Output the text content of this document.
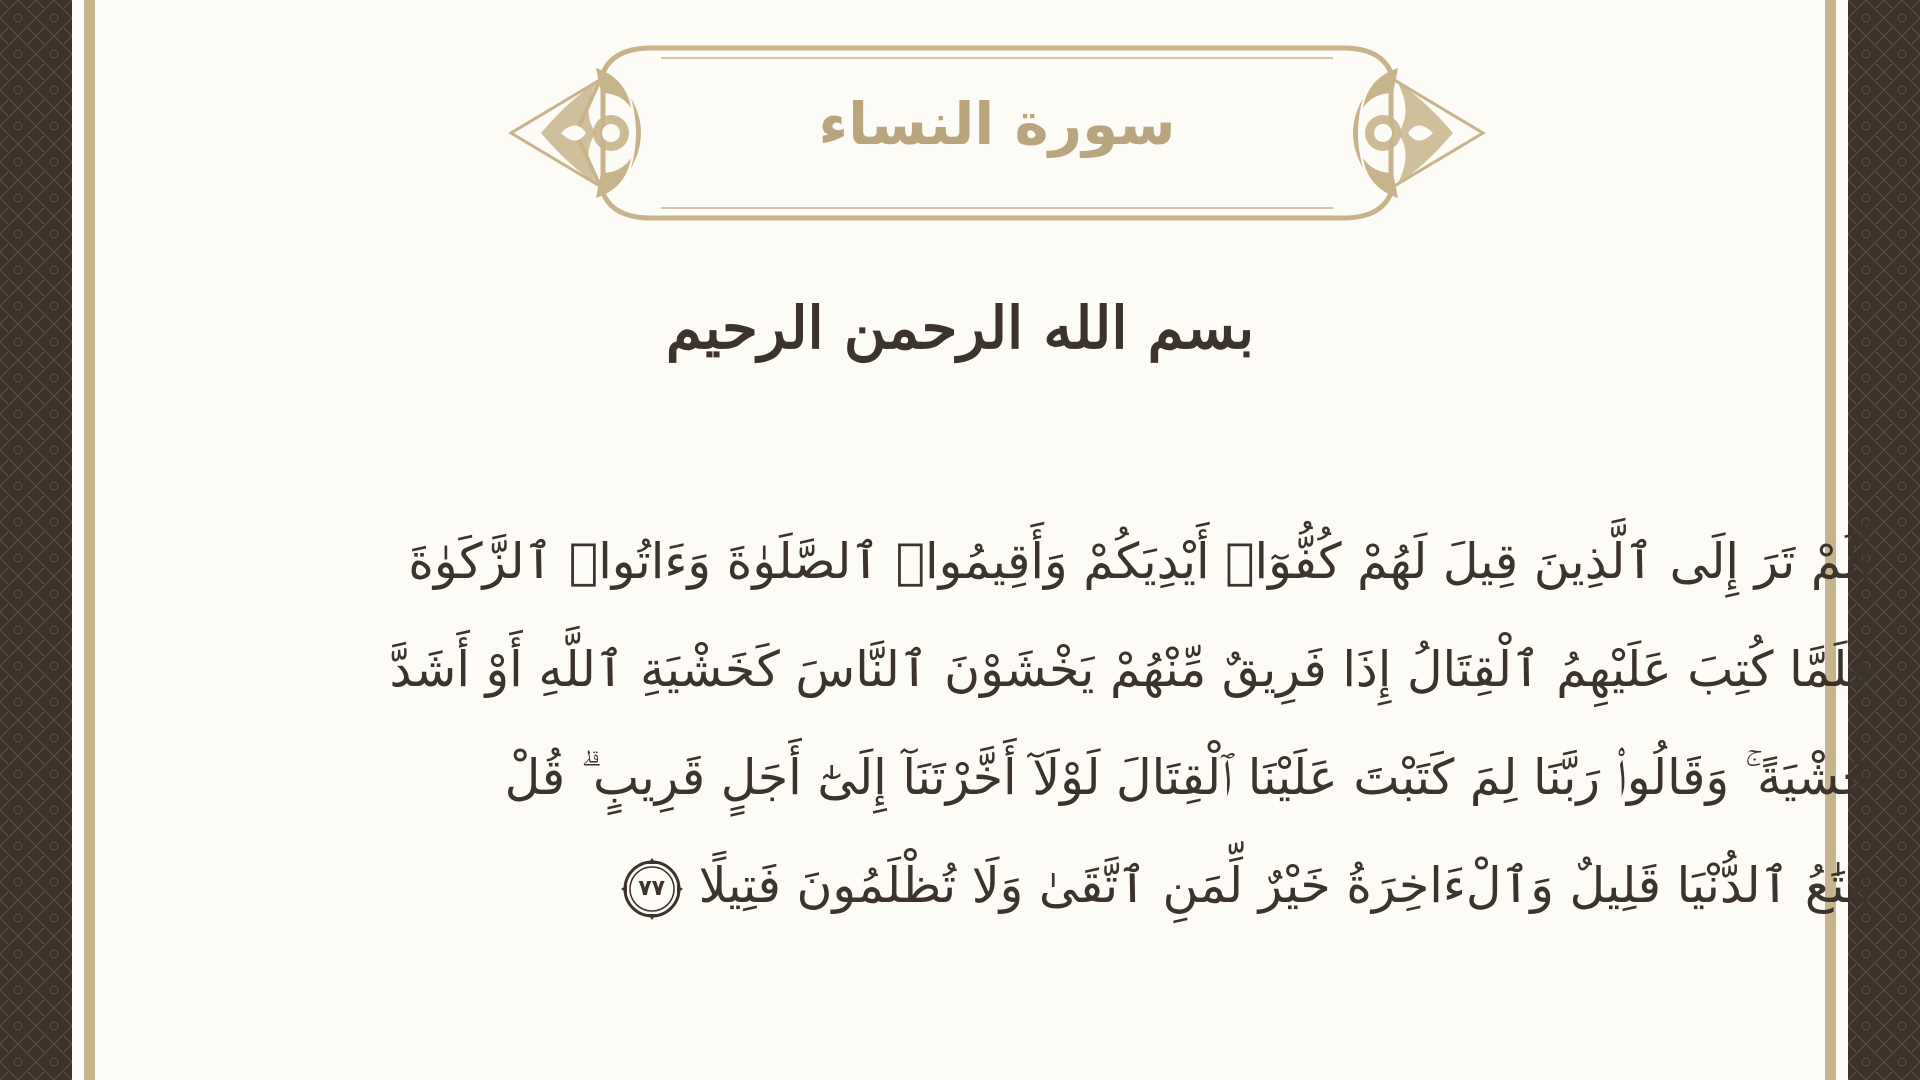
سورة النساء
بسم الله الرحمن الرحيم
أَلَمْ تَرَ إِلَى ٱلَّذِينَ قِيلَ لَهُمْ كُفُّوٓا۟ أَيْدِيَكُمْ وَأَقِيمُوا۟ ٱلصَّلَوٰةَ وَءَاتُوا۟ ٱلزَّكَوٰةَ
فَلَمَّا كُتِبَ عَلَيْهِمُ ٱلْقِتَالُ إِذَا فَرِيقٌ مِّنْهُمْ يَخْشَوْنَ ٱلنَّاسَ كَخَشْيَةِ ٱللَّهِ أَوْ أَشَدَّ
خَشْيَةً ۚ وَقَالُوا۟ رَبَّنَا لِمَ كَتَبْتَ عَلَيْنَا ٱلْقِتَالَ لَوْلَآ أَخَّرْتَنَآ إِلَىٰٓ أَجَلٍ قَرِيبٍ ۗ قُلْ
مَتَٰعُ ٱلدُّنْيَا قَلِيلٌ وَٱلْءَاخِرَةُ خَيْرٌ لِّمَنِ ٱتَّقَىٰ وَلَا تُظْلَمُونَ فَتِيلًا
٧٧
